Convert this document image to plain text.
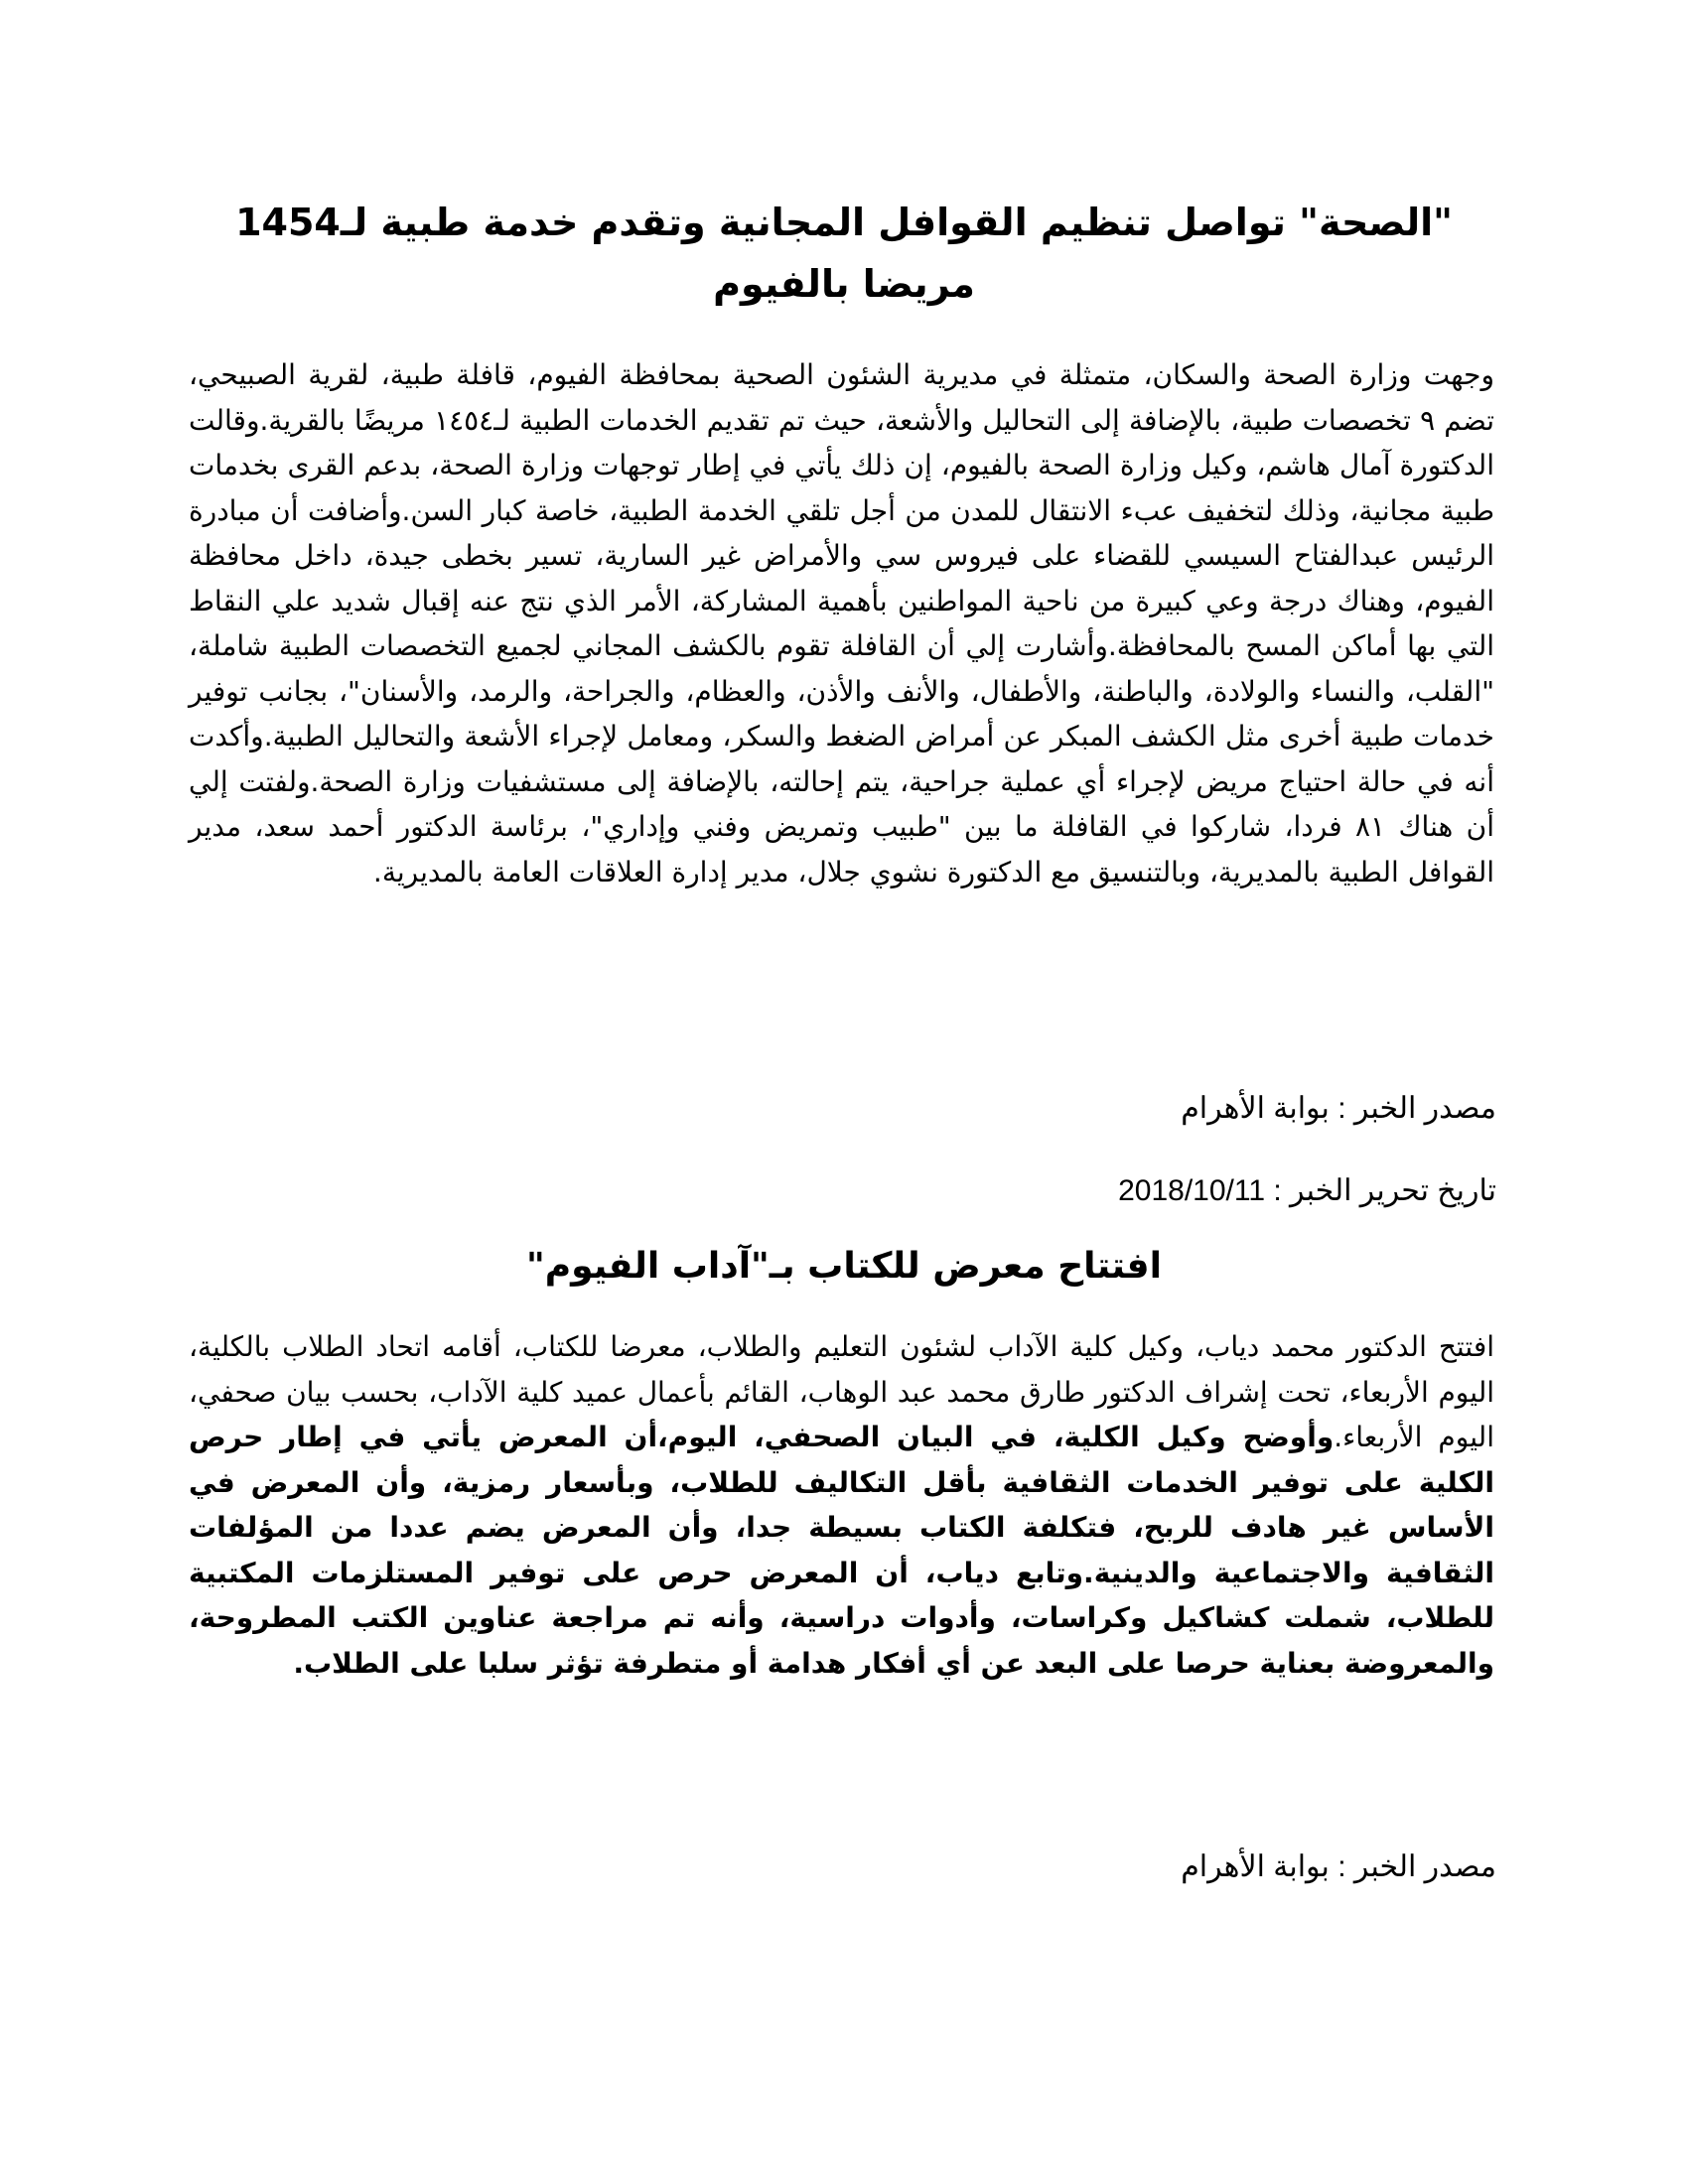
"الصحة" تواصل تنظيم القوافل المجانية وتقدم خدمة طبية لـ1454 مريضا بالفيوم

وجهت وزارة الصحة والسكان، متمثلة في مديرية الشئون الصحية بمحافظة الفيوم، قافلة طبية، لقرية الصبيحي، تضم ٩ تخصصات طبية، بالإضافة إلى التحاليل والأشعة، حيث تم تقديم الخدمات الطبية لـ١٤٥٤ مريضًا بالقرية.وقالت الدكتورة آمال هاشم، وكيل وزارة الصحة بالفيوم، إن ذلك يأتي في إطار توجهات وزارة الصحة، بدعم القرى بخدمات طبية مجانية، وذلك لتخفيف عبء الانتقال للمدن من أجل تلقي الخدمة الطبية، خاصة كبار السن.وأضافت أن مبادرة الرئيس عبدالفتاح السيسي للقضاء على فيروس سي والأمراض غير السارية، تسير بخطى جيدة، داخل محافظة الفيوم، وهناك درجة وعي كبيرة من ناحية المواطنين بأهمية المشاركة، الأمر الذي نتج عنه إقبال شديد علي النقاط التي بها أماكن المسح بالمحافظة.وأشارت إلي أن القافلة تقوم بالكشف المجاني لجميع التخصصات الطبية شاملة، "القلب، والنساء والولادة، والباطنة، والأطفال، والأنف والأذن، والعظام، والجراحة، والرمد، والأسنان"، بجانب توفير خدمات طبية أخرى مثل الكشف المبكر عن أمراض الضغط والسكر، ومعامل لإجراء الأشعة والتحاليل الطبية.وأكدت أنه في حالة احتياج مريض لإجراء أي عملية جراحية، يتم إحالته، بالإضافة إلى مستشفيات وزارة الصحة.ولفتت إلي أن هناك ٨١ فردا، شاركوا في القافلة ما بين "طبيب وتمريض وفني وإداري"، برئاسة الدكتور أحمد سعد، مدير القوافل الطبية بالمديرية، وبالتنسيق مع الدكتورة نشوي جلال، مدير إدارة العلاقات العامة بالمديرية.

مصدر الخبر : بوابة الأهرام

تاريخ تحرير الخبر : 2018/10/11

افتتاح معرض للكتاب بـ"آداب الفيوم"

افتتح الدكتور محمد دياب، وكيل كلية الآداب لشئون التعليم والطلاب، معرضا للكتاب، أقامه اتحاد الطلاب بالكلية، اليوم الأربعاء، تحت إشراف الدكتور طارق محمد عبد الوهاب، القائم بأعمال عميد كلية الآداب، بحسب بيان صحفي، اليوم الأربعاء.وأوضح وكيل الكلية، في البيان الصحفي، اليوم،أن المعرض يأتي في إطار حرص الكلية على توفير الخدمات الثقافية بأقل التكاليف للطلاب، وبأسعار رمزية، وأن المعرض في الأساس غير هادف للربح، فتكلفة الكتاب بسيطة جدا، وأن المعرض يضم عددا من المؤلفات الثقافية والاجتماعية والدينية.وتابع دياب، أن المعرض حرص على توفير المستلزمات المكتبية للطلاب، شملت كشاكيل وكراسات، وأدوات دراسية، وأنه تم مراجعة عناوين الكتب المطروحة، والمعروضة بعناية حرصا على البعد عن أي أفكار هدامة أو متطرفة تؤثر سلبا على الطلاب.

مصدر الخبر : بوابة الأهرام
